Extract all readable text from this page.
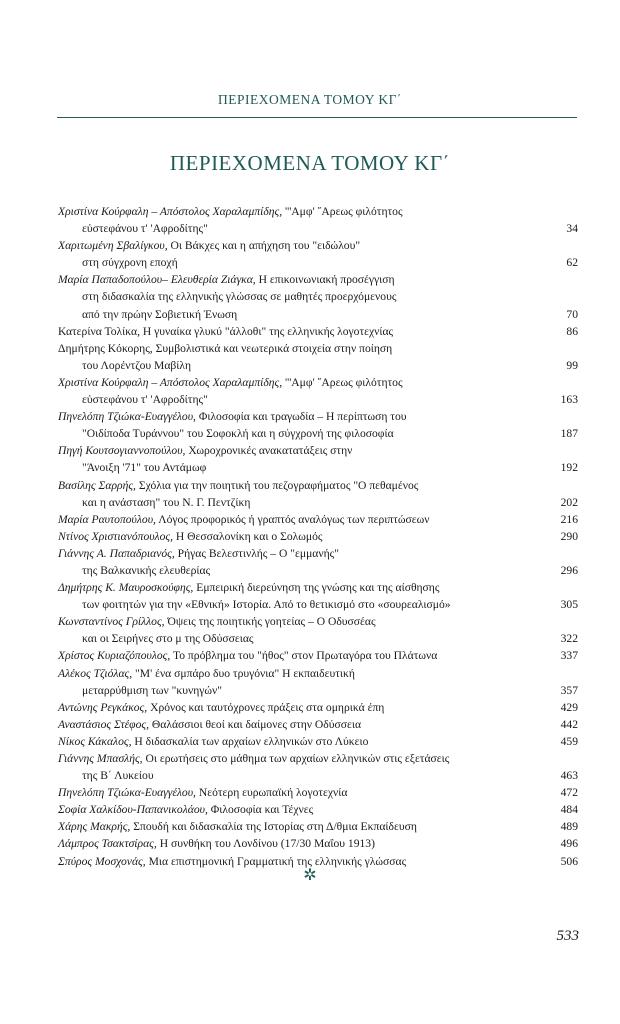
ΠΕΡΙΕΧΟΜΕΝΑ ΤΟΜΟΥ ΚΓ΄
ΠΕΡΙΕΧΟΜΕΝΑ ΤΟΜΟΥ ΚΓ΄
Χριστίνα Κούρφαλη – Απόστολος Χαραλαμπίδης, '''Αμφ' ῎Αρεως φιλότητος
εὐστεφάνου τ' 'Αφροδίτης"	34
Χαριτωμένη Σβαλίγκου, Οι Βάκχες και η απήχηση του "ειδώλου"
στη σύγχρονη εποχή	62
Μαρία Παπαδοπούλου– Ελευθερία Ζιάγκα, Η επικοινωνιακή προσέγγιση
στη διδασκαλία της ελληνικής γλώσσας σε μαθητές προερχόμενους
από την πρώην Σοβιετική Ένωση	70
Κατερίνα Τολίκα, Η γυναίκα γλυκύ "άλλοθι" της ελληνικής λογοτεχνίας	86
Δημήτρης Κόκορης, Συμβολιστικά και νεωτερικά στοιχεία στην ποίηση
του Λορέντζου Μαβίλη	99
Χριστίνα Κούρφαλη – Απόστολος Χαραλαμπίδης, '''Αμφ' ῎Αρεως φιλότητος
εὐστεφάνου τ' 'Αφροδίτης"	163
Πηνελόπη Τζιώκα-Ευαγγέλου, Φιλοσοφία και τραγωδία – Η περίπτωση του
"Οιδίποδα Τυράννου" του Σοφοκλή και η σύγχρονή της φιλοσοφία	187
Πηγή Κουτσογιαννοπούλου, Χωροχρονικές ανακατατάξεις στην
"Άνοιξη '71" του Αντάμωφ	192
Βασίλης Σαρρής, Σχόλια για την ποιητική του πεζογραφήματος "Ο πεθαμένος
και η ανάσταση" του Ν. Γ. Πεντζίκη	202
Μαρία Ραυτοπούλου, Λόγος προφορικός ή γραπτός αναλόγως των περιπτώσεων	216
Ντίνος Χριστιανόπουλος, Η Θεσσαλονίκη και ο Σολωμός	290
Γιάννης Α. Παπαδριανός, Ρήγας Βελεστινλής – Ο "εμμανής"
της Βαλκανικής ελευθερίας	296
Δημήτρης Κ. Μαυροσκούφης, Εμπειρική διερεύνηση της γνώσης και της αίσθησης
των φοιτητών για την «Εθνική» Ιστορία. Από το θετικισμό στο «σουρεαλισμό»	305
Κωνσταντίνος Γρίλλος, Όψεις της ποιητικής γοητείας – Ο Οδυσσέας
και οι Σειρήνες στο μ της Οδύσσειας	322
Χρίστος Κυριαζόπουλος, Το πρόβλημα του "ήθος" στον Πρωταγόρα του Πλάτωνα	337
Αλέκος Τζιόλας, "Μ' ένα σμπάρο δυο τρυγόνια" Η εκπαιδευτική
μεταρρύθμιση των "κυνηγών"	357
Αντώνης Ρεγκάκος, Χρόνος και ταυτόχρονες πράξεις στα ομηρικά έπη	429
Αναστάσιος Στέφος, Θαλάσσιοι θεοί και δαίμονες στην Οδύσσεια	442
Νίκος Κάκαλος, Η διδασκαλία των αρχαίων ελληνικών στο Λύκειο	459
Γιάννης Μπασλής, Οι ερωτήσεις στο μάθημα των αρχαίων ελληνικών στις εξετάσεις
της Β΄ Λυκείου	463
Πηνελόπη Τζιώκα-Ευαγγέλου, Νεότερη ευρωπαϊκή λογοτεχνία	472
Σοφία Χαλκίδου-Παπανικολάου, Φιλοσοφία και Τέχνες	484
Χάρης Μακρής, Σπουδή και διδασκαλία της Ιστορίας στη Δ/θμια Εκπαίδευση	489
Λάμπρος Τσακτσίρας, Η συνθήκη του Λονδίνου (17/30 Μαΐου 1913)	496
Σπύρος Μοσχονάς, Μια επιστημονική Γραμματική της ελληνικής γλώσσας	506
✲
533
